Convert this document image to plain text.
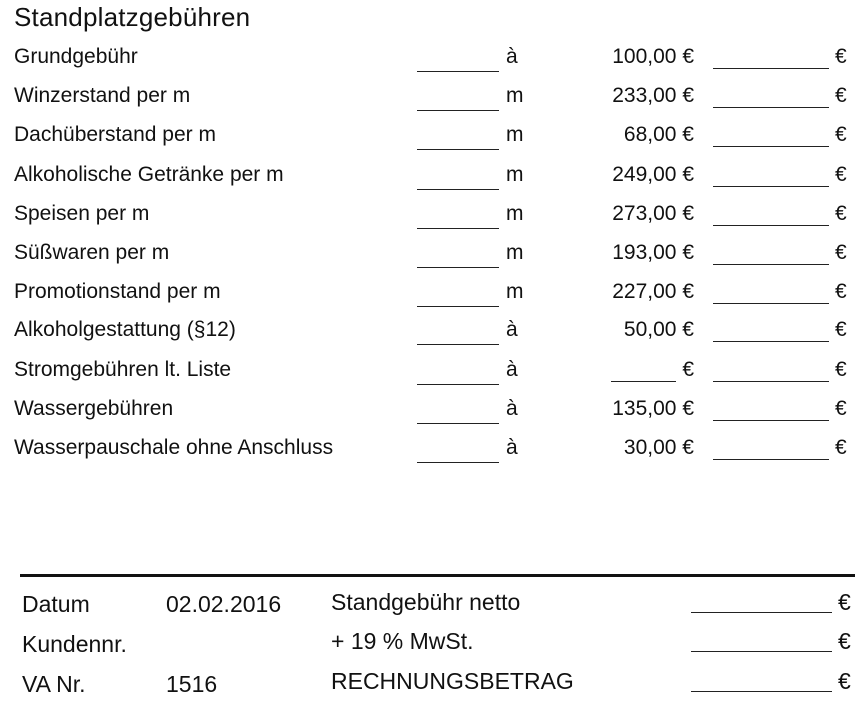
Standplatzgebühren
Grundgebühr	à	100,00 €	€
Winzerstand per m	m	233,00 €	€
Dachüberstand per m	m	68,00 €	€
Alkoholische Getränke per m	m	249,00 €	€
Speisen per m	m	273,00 €	€
Süßwaren per m	m	193,00 €	€
Promotionstand per m	m	227,00 €	€
Alkoholgestattung (§12)	à	50,00 €	€
Stromgebühren lt. Liste	à	€	€
Wassergebühren	à	135,00 €	€
Wasserpauschale ohne Anschluss	à	30,00 €	€
Datum	02.02.2016
Kundennr.
VA Nr.	1516
Standgebühr netto	€
+ 19 % MwSt.	€
RECHNUNGSBETRAG	€
